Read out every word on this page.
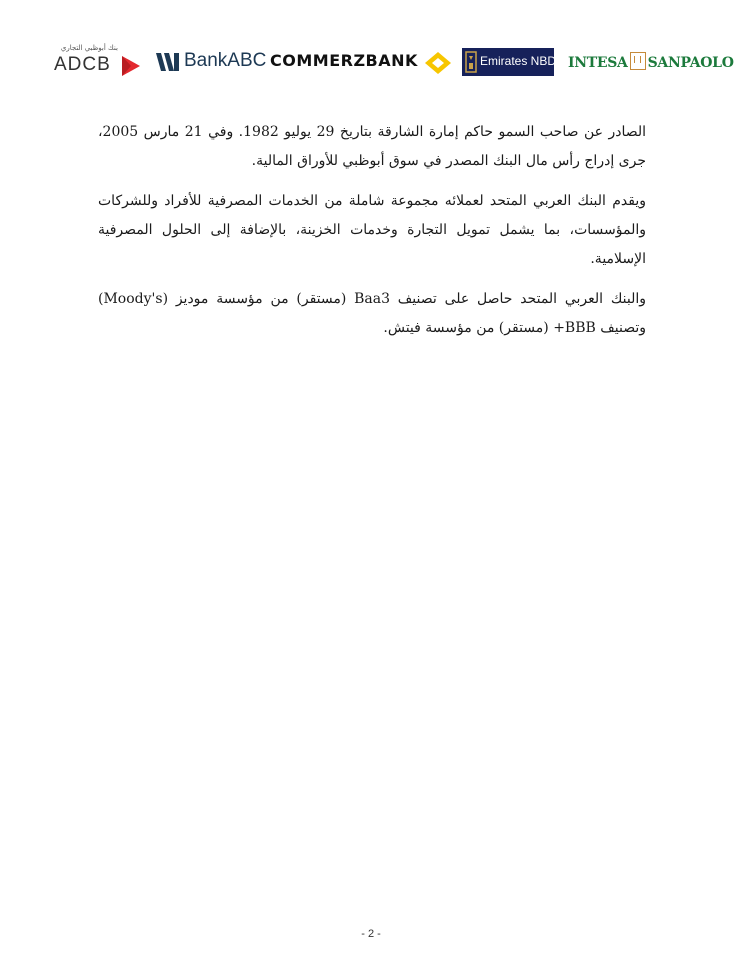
بنك أبوظبي التجاري
ADCB	BankABC COMMERZBANK	Emirates NBD INTESA SANPAOLO

الصادر عن صاحب السمو حاكم إمارة الشارقة بتاريخ 29 يوليو 1982. وفي 21 مارس 2005، جرى إدراج رأس مال البنك المصدر في سوق أبوظبي للأوراق المالية.

ويقدم البنك العربي المتحد لعملائه مجموعة شاملة من الخدمات المصرفية للأفراد وللشركات والمؤسسات، بما يشمل تمويل التجارة وخدمات الخزينة، بالإضافة إلى الحلول المصرفية الإسلامية.

والبنك العربي المتحد حاصل على تصنيف Baa3 (مستقر) من مؤسسة موديز (Moody's) وتصنيف BBB+ (مستقر) من مؤسسة فيتش.

- 2 -
